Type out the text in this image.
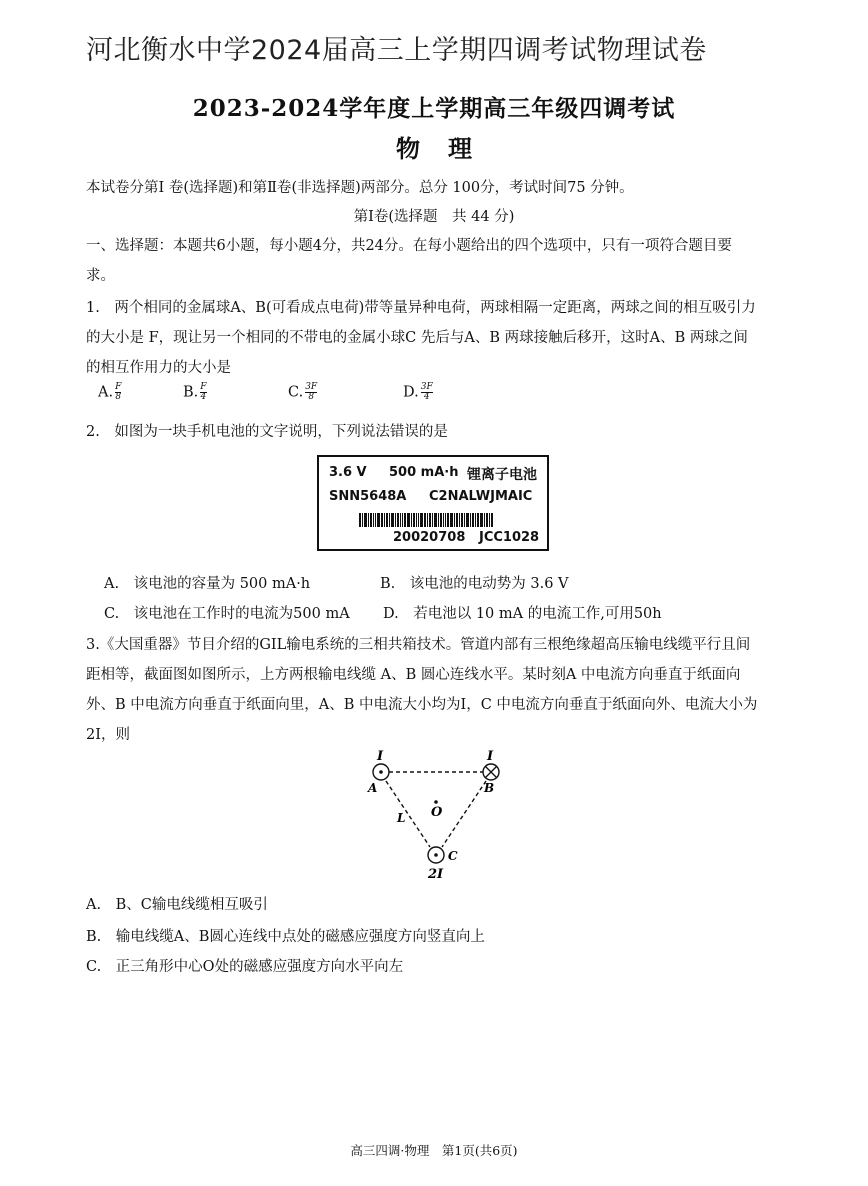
河北衡水中学2024届高三上学期四调考试物理试卷
2023-2024学年度上学期高三年级四调考试
物理
本试卷分第Ⅰ 卷(选择题)和第Ⅱ卷(非选择题)两部分。总分 100分，考试时间75 分钟。
第Ⅰ卷(选择题　共 44 分)
一、选择题：本题共6小题，每小题4分，共24分。在每小题给出的四个选项中，只有一项符合题目要
求。
1.　两个相同的金属球A、B(可看成点电荷)带等量异种电荷，两球相隔一定距离，两球之间的相互吸引力
的大小是 F，现让另一个相同的不带电的金属小球C 先后与A、B 两球接触后移开，这时A、B 两球之间
的相互作用力的大小是
A. $\frac{F}{8}$	B. $\frac{F}{4}$	C. $\frac{3F}{8}$	D. $\frac{3F}{4}$
2.　如图为一块手机电池的文字说明，下列说法错误的是
3.6 V 500 mA·h 锂离子电池
SNN5648A C2NALWJMAIC
20020708 JCC1028
A.　该电池的容量为 500 mA·h	B.　该电池的电动势为 3.6 V
C.　该电池在工作时的电流为500 mA D.　若电池以 10 mA 的电流工作,可用50h
3.《大国重器》节目介绍的GIL输电系统的三相共箱技术。管道内部有三根绝缘超高压输电线缆平行且间
距相等，截面图如图所示，上方两根输电线缆 A、B 圆心连线水平。某时刻A 中电流方向垂直于纸面向
外、B 中电流方向垂直于纸面向里，A、B 中电流大小均为I，C 中电流方向垂直于纸面向外、电流大小为
2I，则
I	I
A	B
O
L
C
2I
A.　B、C输电线缆相互吸引
B.　输电线缆A、B圆心连线中点处的磁感应强度方向竖直向上
C.　正三角形中心O处的磁感应强度方向水平向左
高三四调·物理　第1页(共6页)
